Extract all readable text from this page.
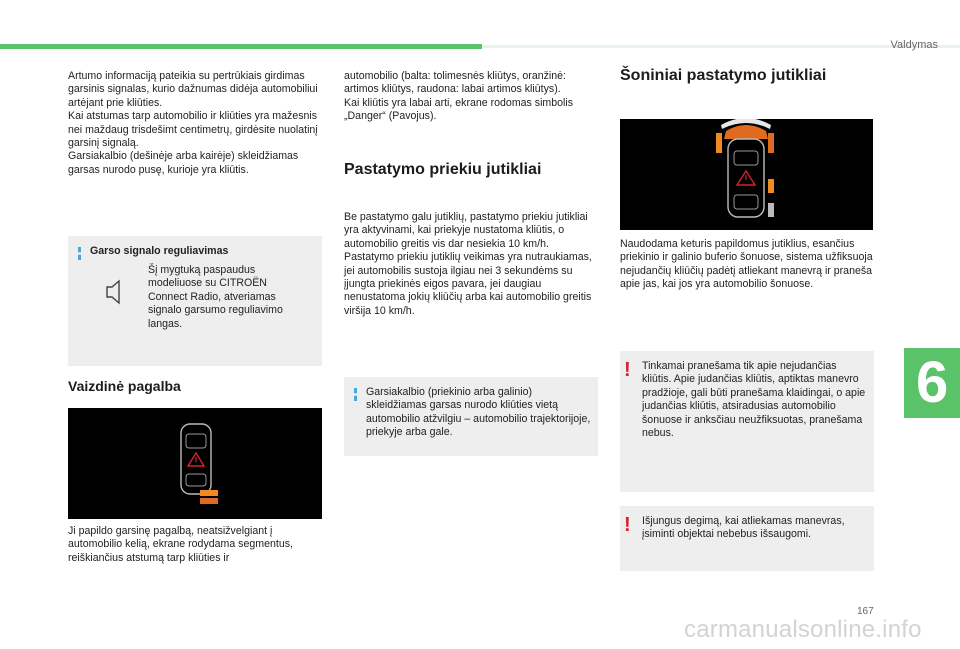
Valdymas
6
Artumo informaciją pateikia su pertrūkiais girdimas garsinis signalas, kurio dažnumas didėja automobiliui artėjant prie kliūties.
Kai atstumas tarp automobilio ir kliūties yra mažesnis nei maždaug trisdešimt centimetrų, girdėsite nuolatinį garsinį signalą.
Garsiakalbio (dešinėje arba kairėje) skleidžiamas garsas nurodo pusę, kurioje yra kliūtis.
Garso signalo reguliavimas
Šį mygtuką paspaudus modeliuose su CITROËN Connect Radio, atveriamas signalo garsumo reguliavimo langas.
Vaizdinė pagalba
Ji papildo garsinę pagalbą, neatsižvelgiant į automobilio kelią, ekrane rodydama segmentus, reiškiančius atstumą tarp kliūties ir
automobilio (balta: tolimesnės kliūtys, oranžinė: artimos kliūtys, raudona: labai artimos kliūtys).
Kai kliūtis yra labai arti, ekrane rodomas simbolis „Danger“ (Pavojus).
Pastatymo priekiu jutikliai
Be pastatymo galu jutiklių, pastatymo priekiu jutikliai yra aktyvinami, kai priekyje nustatoma kliūtis, o automobilio greitis vis dar nesiekia 10 km/h.
Pastatymo priekiu jutiklių veikimas yra nutraukiamas, jei automobilis sustoja ilgiau nei 3 sekundėms su įjungta priekinės eigos pavara, jei daugiau nenustatoma jokių kliūčių arba kai automobilio greitis viršija 10 km/h.
Garsiakalbio (priekinio arba galinio) skleidžiamas garsas nurodo kliūties vietą automobilio atžvilgiu – automobilio trajektorijoje, priekyje arba gale.
Šoniniai pastatymo jutikliai
Naudodama keturis papildomus jutiklius, esančius priekinio ir galinio buferio šonuose, sistema užfiksuoja nejudančių kliūčių padėtį atliekant manevrą ir praneša apie jas, kai jos yra automobilio šonuose.
! Tinkamai pranešama tik apie nejudančias kliūtis. Apie judančias kliūtis, aptiktas manevro pradžioje, gali būti pranešama klaidingai, o apie judančias kliūtis, atsiradusias automobilio šonuose ir anksčiau neužfiksuotas, pranešama nebus.
! Išjungus degimą, kai atliekamas manevras, įsiminti objektai nebebus išsaugomi.
167
carmanualsonline.info
